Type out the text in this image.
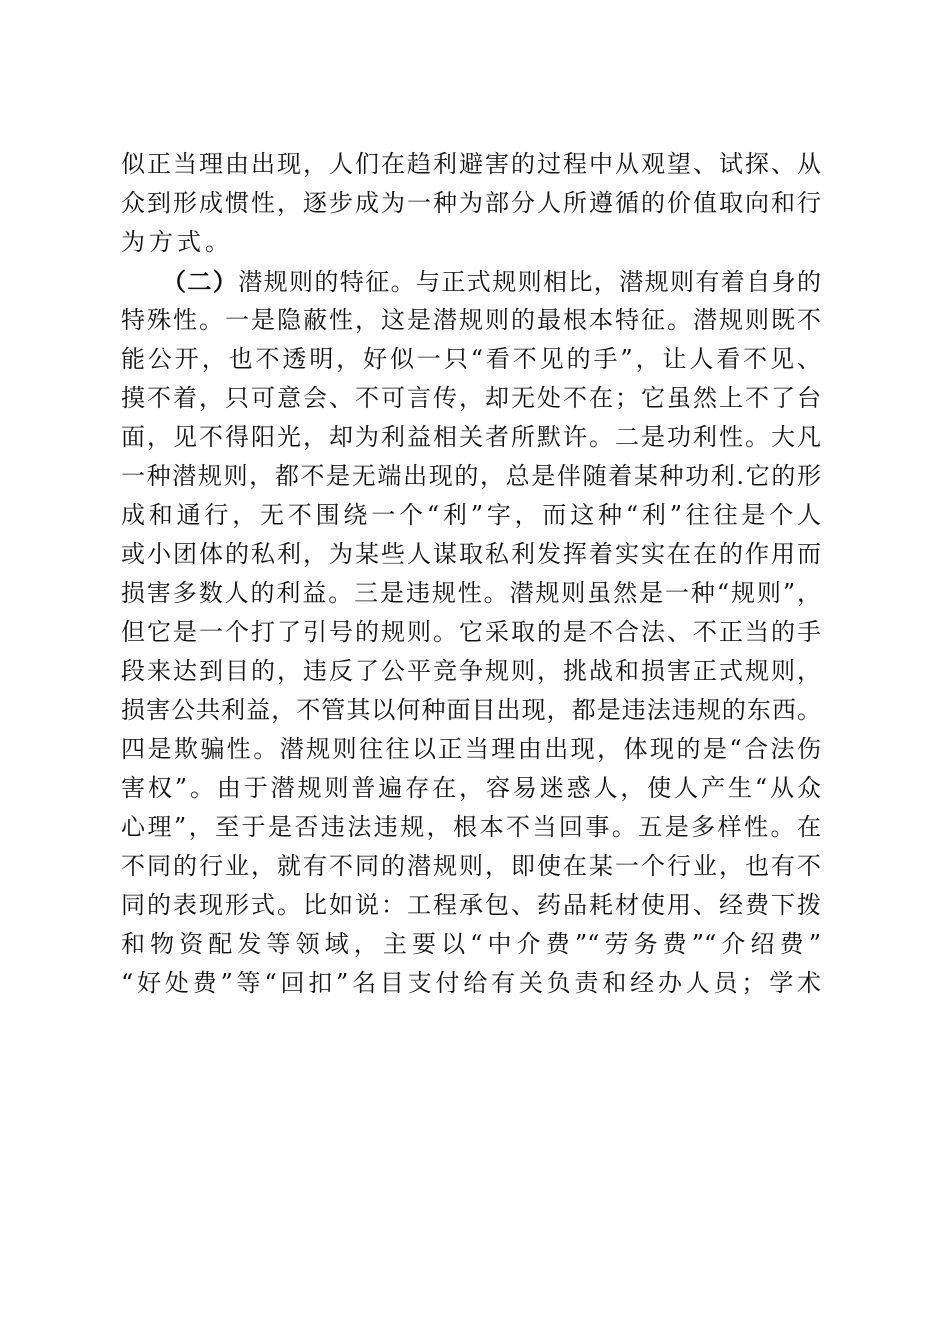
似正当理由出现，人们在趋利避害的过程中从观望、试探、从
众到形成惯性，逐步成为一种为部分人所遵循的价值取向和行
为方式。
（二）潜规则的特征。与正式规则相比，潜规则有着自身的
特殊性。一是隐蔽性，这是潜规则的最根本特征。潜规则既不
能公开，也不透明，好似一只“看不见的手”，让人看不见、
摸不着，只可意会、不可言传，却无处不在；它虽然上不了台
面，见不得阳光，却为利益相关者所默许。二是功利性。大凡
一种潜规则，都不是无端出现的，总是伴随着某种功利.它的形
成和通行，无不围绕一个“利”字，而这种“利”往往是个人
或小团体的私利，为某些人谋取私利发挥着实实在在的作用而
损害多数人的利益。三是违规性。潜规则虽然是一种“规则”，
但它是一个打了引号的规则。它采取的是不合法、不正当的手
段来达到目的，违反了公平竞争规则，挑战和损害正式规则，
损害公共利益，不管其以何种面目出现，都是违法违规的东西。
四是欺骗性。潜规则往往以正当理由出现，体现的是“合法伤
害权”。由于潜规则普遍存在，容易迷惑人，使人产生“从众
心理”，至于是否违法违规，根本不当回事。五是多样性。在
不同的行业，就有不同的潜规则，即使在某一个行业，也有不
同的表现形式。比如说：工程承包、药品耗材使用、经费下拨
和物资配发等领域，主要以“中介费”“劳务费”“介绍费”
“好处费”等“回扣”名目支付给有关负责和经办人员；学术
